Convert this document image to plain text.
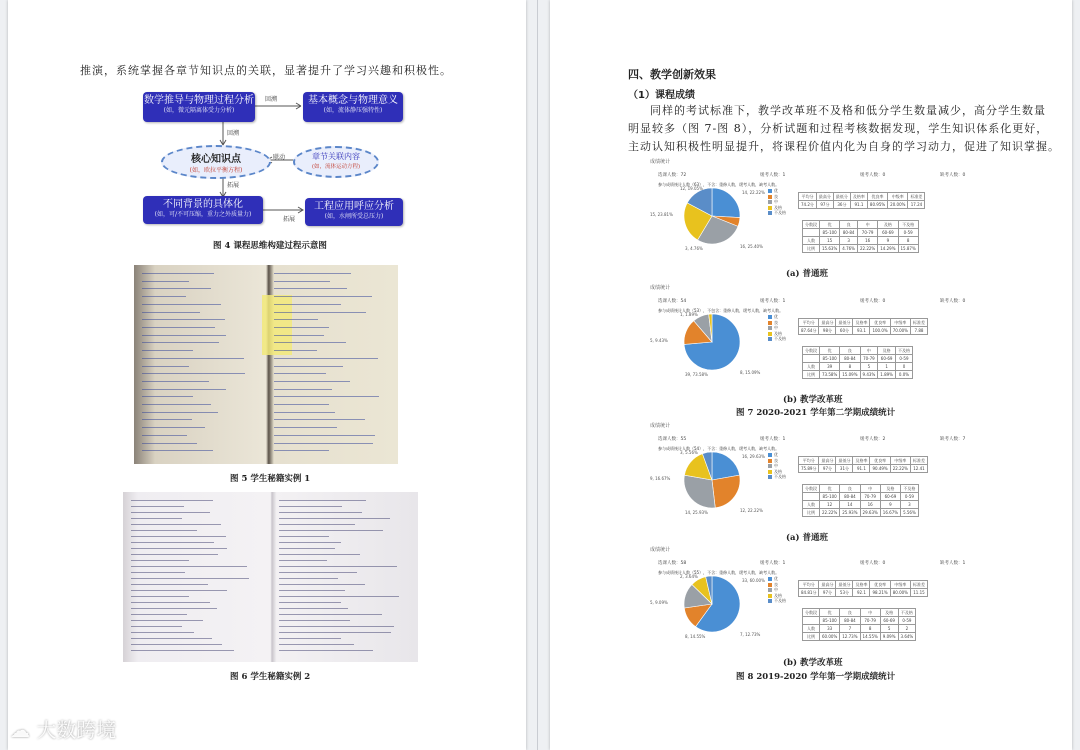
推演，系统掌握各章节知识点的关联，显著提升了学习兴趣和积极性。
数学推导与物理过程分析
(如，微元隔离体受力分析)
回溯	基本概念与物理意义
(如，流体静压强特性)
回溯
核心知识点
(如，欧拉平衡方程)
联动	章节关联内容
(如，流体运动方程)
拓展
不同背景的具体化
(如，可/不可压缩，重力之外质量力)
拓展
工程应用呼应分析
(如，水闸所受总压力)
图 4 课程思维构建过程示意图
图 5 学生秘籍实例 1
图 6 学生秘籍实例 2
四、教学创新效果
（1）课程成绩
同样的考试标准下，教学改革班不及格和低分学生数量减少，高分学生数量
明显较多（图 7-图 8），分析试题和过程考核数据发现，学生知识体系化更好，
主动认知积极性明显提升，将课程价值内化为自身的学习动力，促进了知识掌握。
成绩统计
选课人数：72	缓考人数：1	缓考人数：0	缺考人数：0
参与成绩统计人数（63），不含：重修人数，缓考人数，缺考人数。
12, 19.05%
15, 23.81%
16, 25.40%
3, 4.76%
14, 22.22%	优
良
中
及格
不及格
平均分	最高分	最低分	及格率	优良率	中级率	标准差
74.2分	97分	36分	91.1	80.95%	20.00%	17.24
分数段	优	良	中	及格	不及格
	85-100	80-84	70-79	60-69	0-59
人数	15	3	16	9	8
比例	15.63%	4.76%	22.22%	14.29%	15.87%
成绩统计
选课人数：54	缓考人数：1	缓考人数：0	缺考人数：0
参与成绩统计人数（53），不包含：重修人数，缓考人数，缺考人数。
1, 1.89%
5, 9.43%
8, 15.09%
39, 73.58%
优
良
中
及格
不及格
平均分	最高分	最低分	及格率	优良率	中级率	标准差
87.64分	98分	60分	93.1	100.0%	70.00%	7.88
分数段	优	良	中	及格	不及格
	85-100	80-84	70-79	60-69	0-59
人数	39	8	5	1	0
比例	73.58%	15.09%	9.43%	1.89%	0.0%
成绩统计
选课人数：55	缓考人数：1	缓考人数：2	缺考人数：7
参与成绩统计人数（54），不含：重修人数，缓考人数，缺考人数。
3, 5.56%
9, 16.67%
12, 22.22%
14, 25.93%
16, 29.63%	优
良
中
及格
不及格
平均分	最高分	最低分	及格率	优良率	中级率	标准差
75.89分	97分	31分	91.1	90.49%	22.22%	12.41
分数段	优	良	中	及格	不及格
	85-100	80-84	70-79	60-69	0-59
人数	12	14	16	9	3
比例	22.22%	25.93%	29.63%	16.67%	5.56%
成绩统计
选课人数：58	缓考人数：1	缓考人数：0	缺考人数：1
参与成绩统计人数（55），不含：重修人数，缓考人数，缺考人数。
2, 3.64%
5, 9.09%
7, 12.73%
8, 14.55%
33, 60.00%	优
良
中
及格
不及格
平均分	最高分	最低分	及格率	优良率	中级率	标准差
84.81分	97分	53分	92.1	98.21%	80.00%	11.15
分数段	优	良	中	及格	不及格
	85-100	80-84	70-79	60-69	0-59
人数	33	7	8	5	2
比例	60.00%	12.73%	14.55%	9.09%	3.64%
(a) 普通班
(b) 教学改革班
图 7 2020-2021 学年第二学期成绩统计
(a) 普通班
(b) 教学改革班
图 8 2019-2020 学年第一学期成绩统计
☁ 大数跨境
